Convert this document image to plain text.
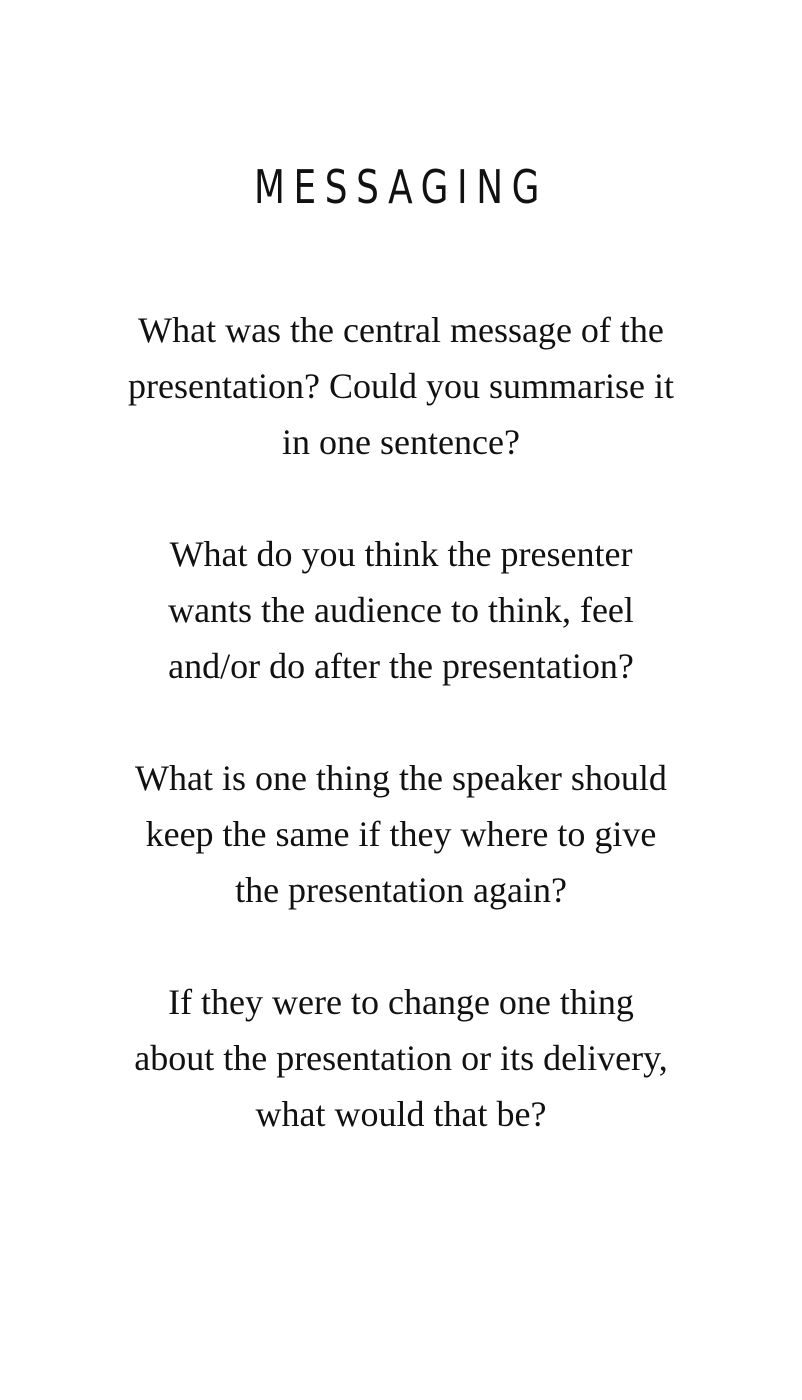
MESSAGING

What was the central message of the
presentation? Could you summarise it
in one sentence?

What do you think the presenter
wants the audience to think, feel
and/or do after the presentation?

What is one thing the speaker should
keep the same if they where to give
the presentation again?

If they were to change one thing
about the presentation or its delivery,
what would that be?
